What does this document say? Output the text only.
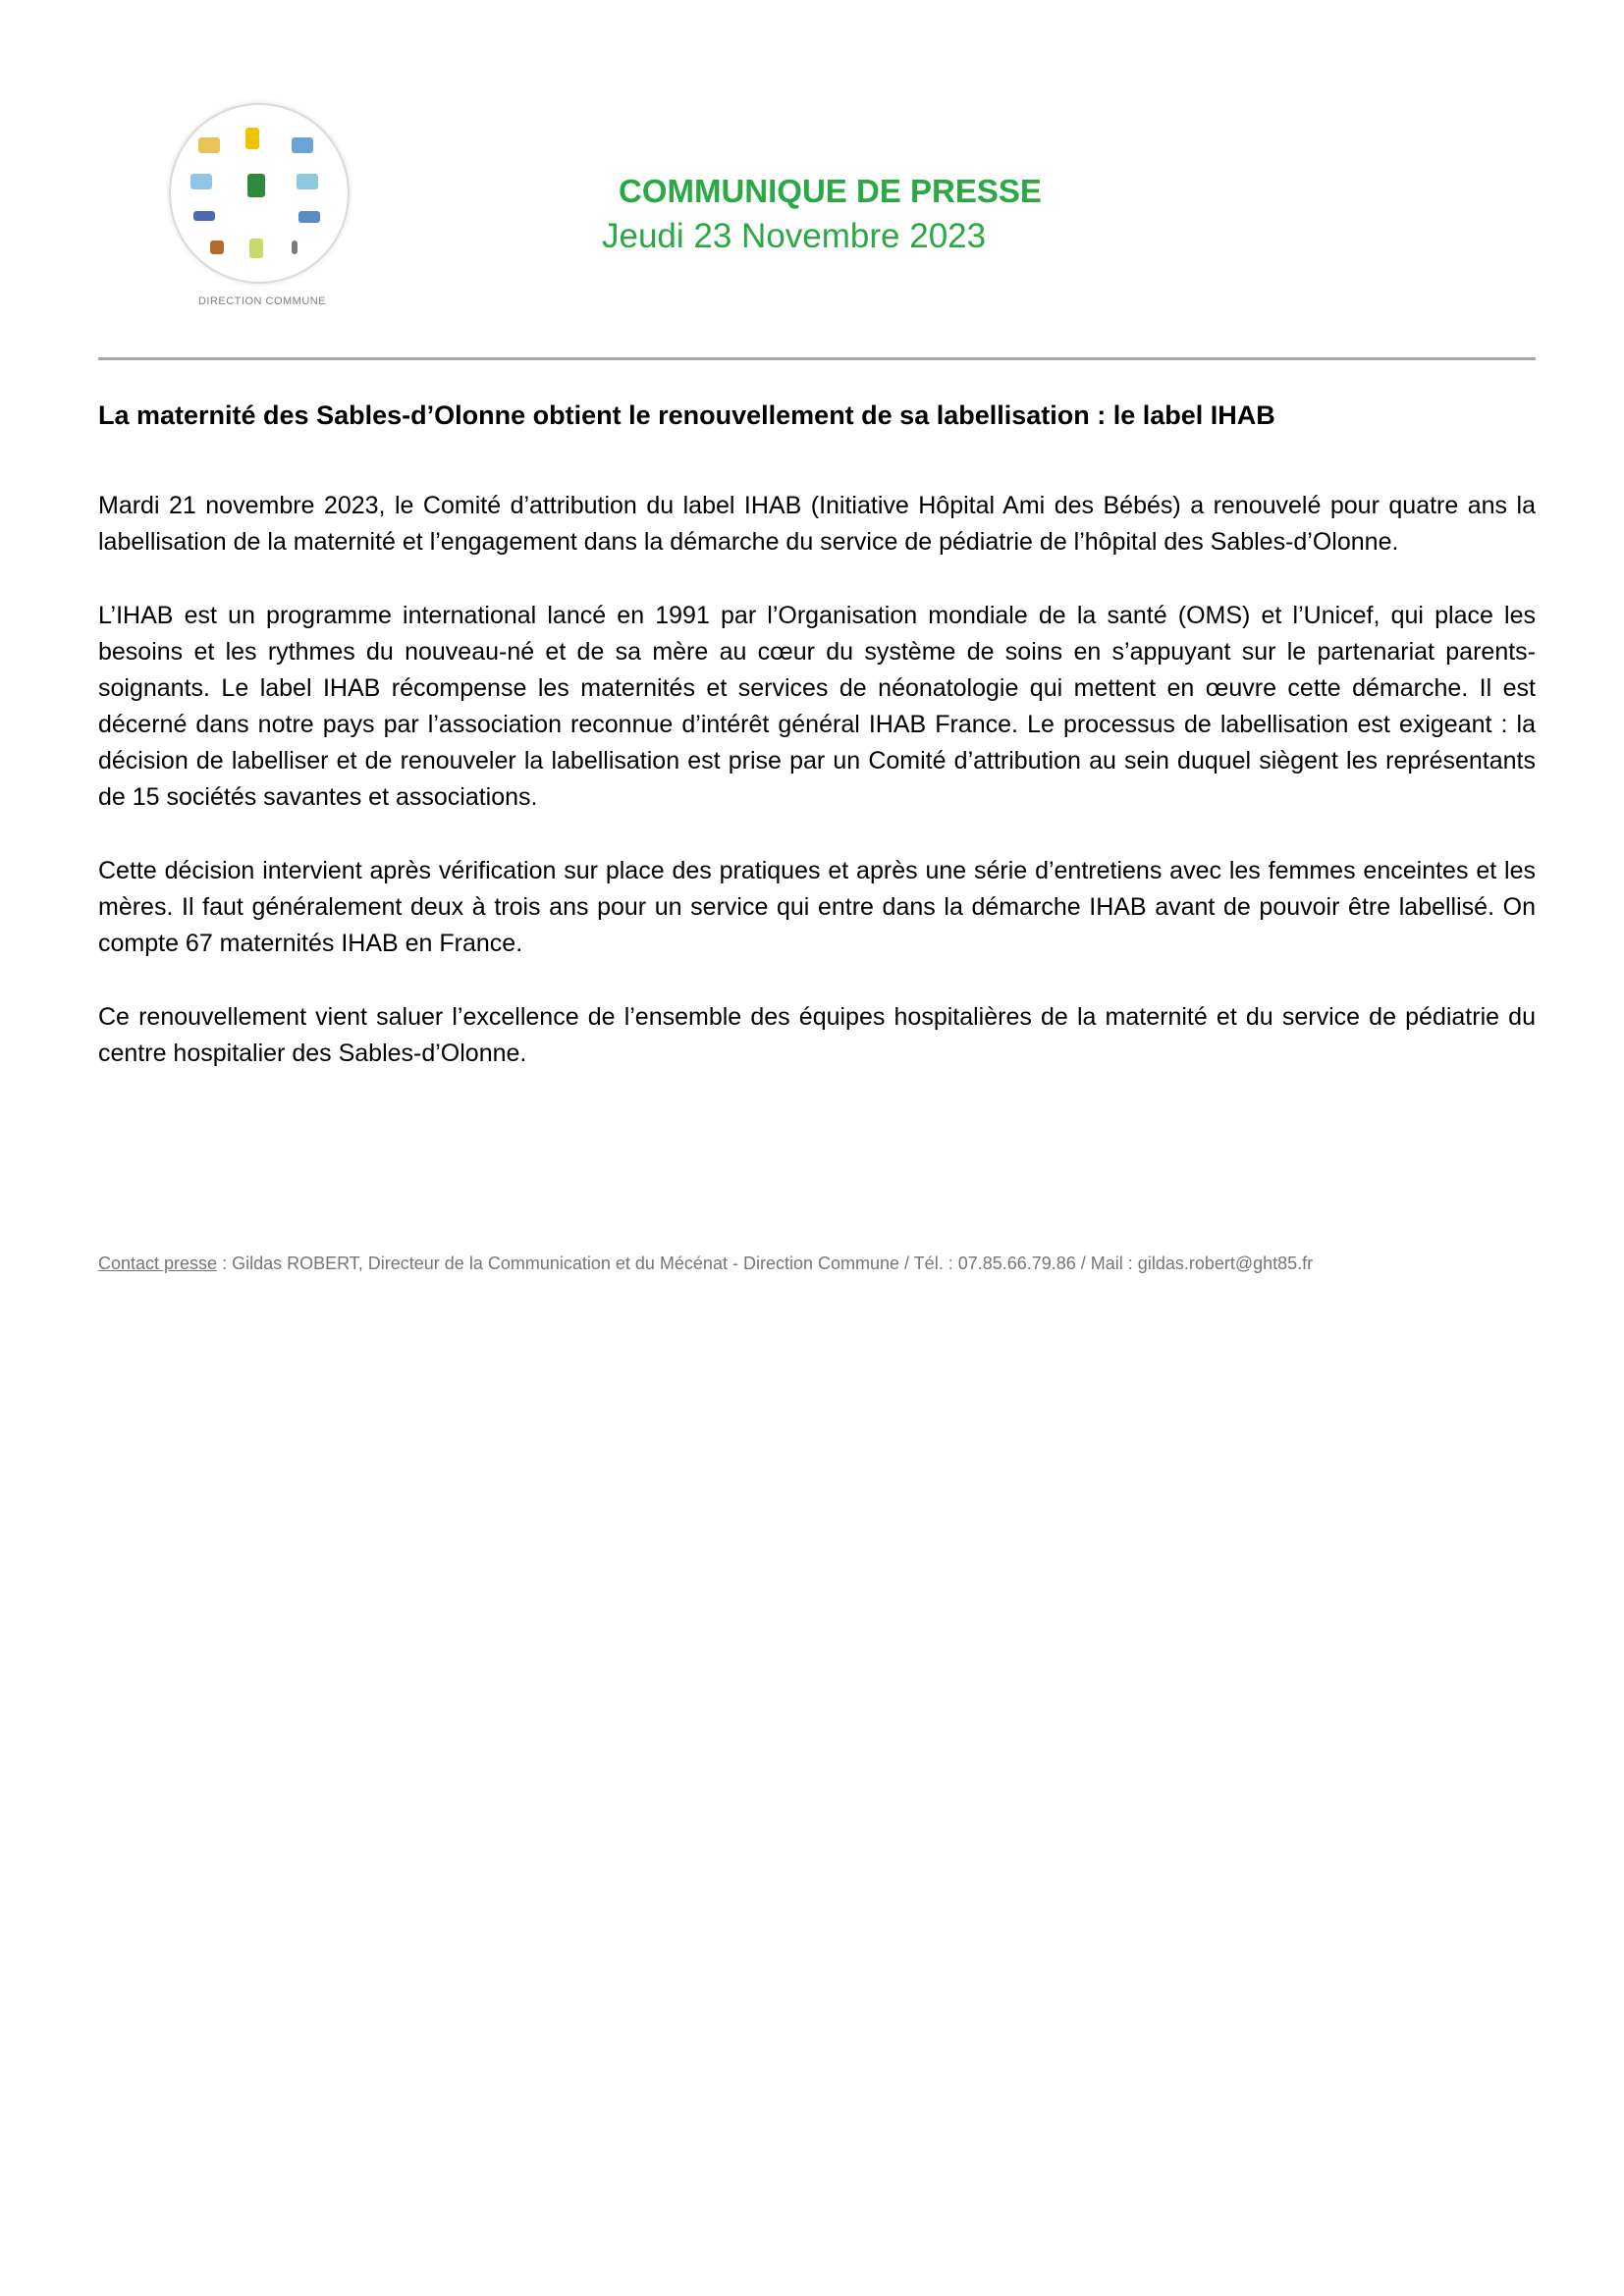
DIRECTION COMMUNE
COMMUNIQUE DE PRESSE
Jeudi 23 Novembre 2023
La maternité des Sables-d’Olonne obtient le renouvellement de sa labellisation : le label IHAB

Mardi 21 novembre 2023, le Comité d’attribution du label IHAB (Initiative Hôpital Ami des Bébés) a renouvelé pour quatre ans la labellisation de la maternité et l’engagement dans la démarche du service de pédiatrie de l’hôpital des Sables-d’Olonne.

L’IHAB est un programme international lancé en 1991 par l’Organisation mondiale de la santé (OMS) et l’Unicef, qui place les besoins et les rythmes du nouveau-né et de sa mère au cœur du système de soins en s’appuyant sur le partenariat parents-soignants. Le label IHAB récompense les maternités et services de néonatologie qui mettent en œuvre cette démarche. Il est décerné dans notre pays par l’association reconnue d’intérêt général IHAB France. Le processus de labellisation est exigeant : la décision de labelliser et de renouveler la labellisation est prise par un Comité d’attribution au sein duquel siègent les représentants de 15 sociétés savantes et associations.

Cette décision intervient après vérification sur place des pratiques et après une série d’entretiens avec les femmes enceintes et les mères. Il faut généralement deux à trois ans pour un service qui entre dans la démarche IHAB avant de pouvoir être labellisé. On compte 67 maternités IHAB en France.

Ce renouvellement vient saluer l’excellence de l’ensemble des équipes hospitalières de la maternité et du service de pédiatrie du centre hospitalier des Sables-d’Olonne.

Contact presse : Gildas ROBERT, Directeur de la Communication et du Mécénat - Direction Commune / Tél. : 07.85.66.79.86 / Mail : gildas.robert@ght85.fr
